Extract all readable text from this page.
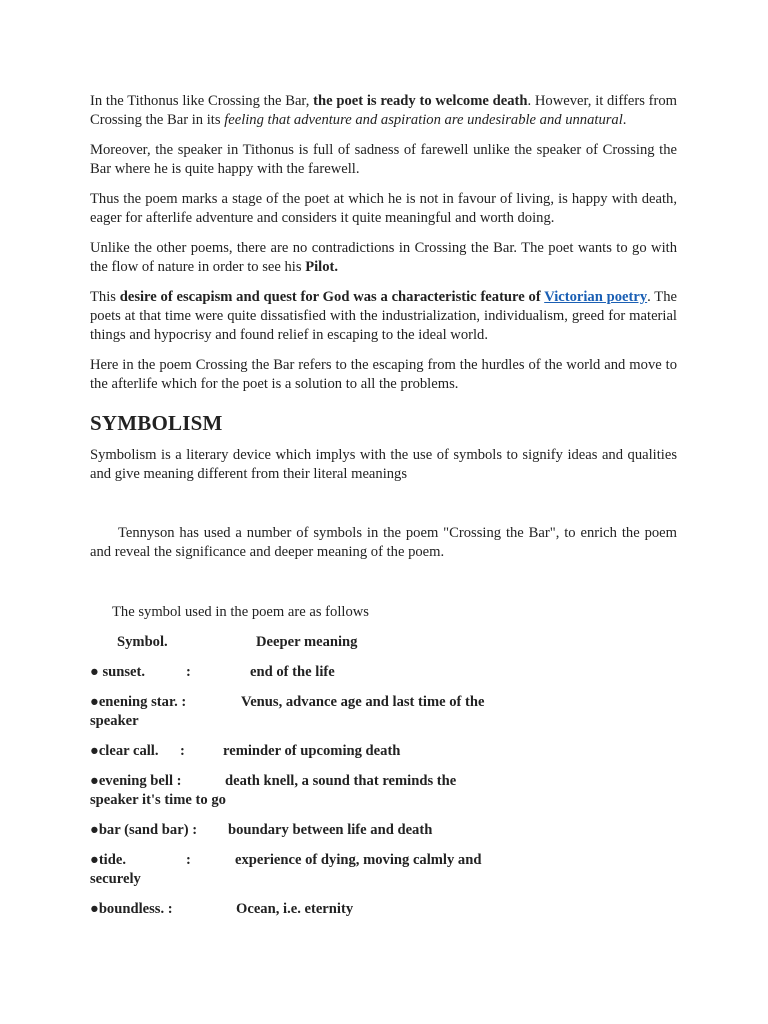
In the Tithonus like Crossing the Bar, the poet is ready to welcome death. However, it differs from Crossing the Bar in its feeling that adventure and aspiration are undesirable and unnatural.

Moreover, the speaker in Tithonus is full of sadness of farewell unlike the speaker of Crossing the Bar where he is quite happy with the farewell.

Thus the poem marks a stage of the poet at which he is not in favour of living, is happy with death, eager for afterlife adventure and considers it quite meaningful and worth doing.

Unlike the other poems, there are no contradictions in Crossing the Bar. The poet wants to go with the flow of nature in order to see his Pilot.

This desire of escapism and quest for God was a characteristic feature of Victorian poetry. The poets at that time were quite dissatisfied with the industrialization, individualism, greed for material things and hypocrisy and found relief in escaping to the ideal world.

Here in the poem Crossing the Bar refers to the escaping from the hurdles of the world and move to the afterlife which for the poet is a solution to all the problems.

SYMBOLISM

Symbolism is a literary device which implys with the use of symbols to signify ideas and qualities and give meaning different from their literal meanings

Tennyson has used a number of symbols in the poem "Crossing the Bar", to enrich the poem and reveal the significance and deeper meaning of the poem.

The symbol used in the poem are as follows
Symbol.	Deeper meaning
● sunset.	:	end of the life
●enening star. :	Venus, advance age and last time of the
speaker
●clear call. :	reminder of upcoming death
●evening bell :	death knell, a sound that reminds the
speaker it's time to go
●bar (sand bar) : boundary between life and death
●tide.	:	experience of dying, moving calmly and
securely
●boundless. :	Ocean, i.e. eternity
